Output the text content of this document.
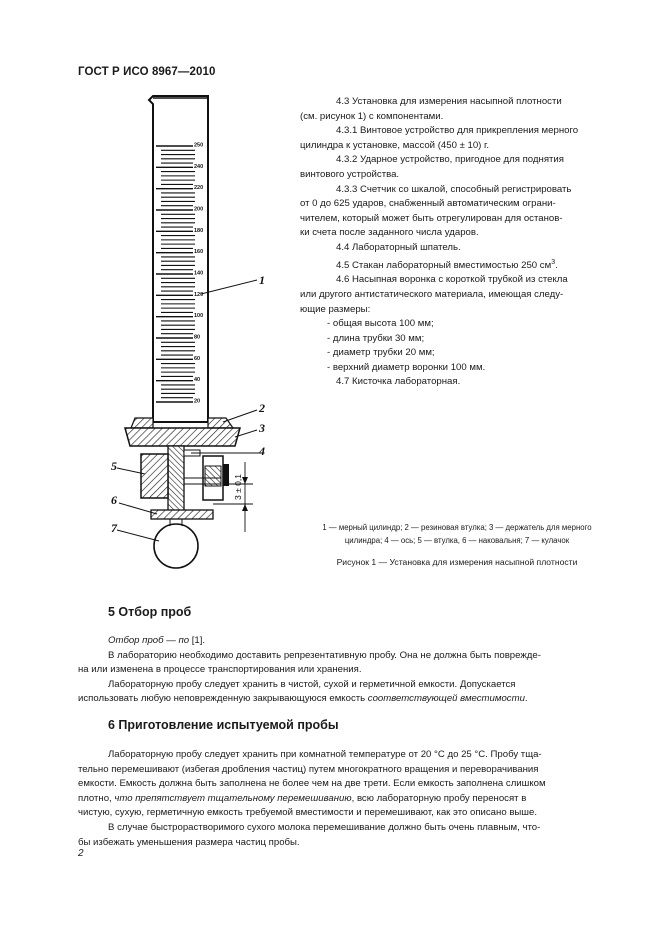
ГОСТ Р ИСО 8967—2010
250
240
220
200
180
160
140
120
100
80
60
40
20
3 ± 0,1
1
2
3
4
5
6
7
4.3 Установка для измерения насыпной плотности
(см. рисунок 1) с компонентами.
4.3.1 Винтовое устройство для прикрепления мерного
цилиндра к установке, массой (450 ± 10) г.
4.3.2 Ударное устройство, пригодное для поднятия
винтового устройства.
4.3.3 Счетчик со шкалой, способный регистрировать
от 0 до 625 ударов, снабженный автоматическим ограни-
чителем, который может быть отрегулирован для останов-
ки счета после заданного числа ударов.
4.4 Лабораторный шпатель.
4.5 Стакан лабораторный вместимостью 250 $см^3$.
4.6 Насыпная воронка с короткой трубкой из стекла
или другого антистатического материала, имеющая следу-
ющие размеры:
- общая высота 100 мм;
- длина трубки 30 мм;
- диаметр трубки 20 мм;
- верхний диаметр воронки 100 мм.
4.7 Кисточка лабораторная.
1 — мерный цилиндр; 2 — резиновая втулка; 3 — держатель для мерного
цилиндра; 4 — ось; 5 — втулка, 6 — наковальня; 7 — кулачок
Рисунок 1 — Установка для измерения насыпной плотности
5 Отбор проб
Отбор проб — по [1].
В лабораторию необходимо доставить репрезентативную пробу. Она не должна быть поврежде-
на или изменена в процессе транспортирования или хранения.
Лабораторную пробу следует хранить в чистой, сухой и герметичной емкости. Допускается
использовать любую неповрежденную закрывающуюся емкость соответствующей вместимости.
6 Приготовление испытуемой пробы
Лабораторную пробу следует хранить при комнатной температуре от 20 °С до 25 °С. Пробу тща-
тельно перемешивают (избегая дробления частиц) путем многократного вращения и переворачивания
емкости. Емкость должна быть заполнена не более чем на две трети. Если емкость заполнена слишком
плотно, что препятствует тщательному перемешиванию, всю лабораторную пробу переносят в
чистую, сухую, герметичную емкость требуемой вместимости и перемешивают, как это описано выше.
В случае быстрорастворимого сухого молока перемешивание должно быть очень плавным, что-
бы избежать уменьшения размера частиц пробы.
2
